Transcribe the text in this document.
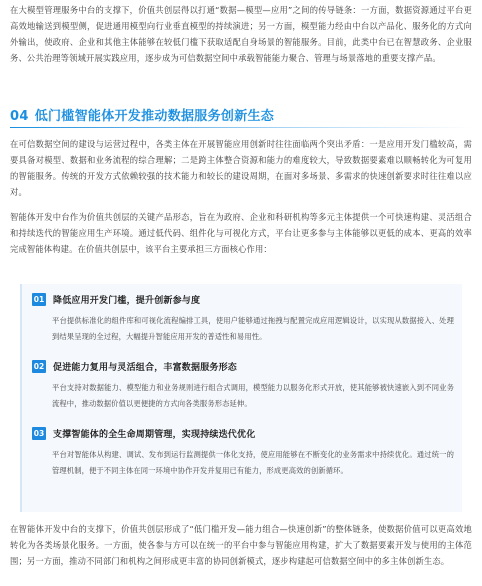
在大模型管理服务中台的支撑下，价值共创层得以打通“数据—模型—应用”之间的传导链条：一方面，数据资源通过平台更高效地输送到模型侧，促进通用模型向行业垂直模型的持续演进；另一方面，模型能力经由中台以产品化、服务化的方式向外输出，使政府、企业和其他主体能够在较低门槛下获取适配自身场景的智能服务。目前，此类中台已在智慧政务、企业服务、公共治理等领域开展实践应用，逐步成为可信数据空间中承载智能能力聚合、管理与场景落地的重要支撑产品。

04 低门槛智能体开发推动数据服务创新生态

在可信数据空间的建设与运营过程中，各类主体在开展智能应用创新时往往面临两个突出矛盾：一是应用开发门槛较高，需要具备对模型、数据和业务流程的综合理解；二是跨主体整合资源和能力的难度较大，导致数据要素难以顺畅转化为可复用的智能服务。传统的开发方式依赖较强的技术能力和较长的建设周期，在面对多场景、多需求的快速创新要求时往往难以应对。

智能体开发中台作为价值共创层的关键产品形态，旨在为政府、企业和科研机构等多元主体提供一个可快速构建、灵活组合和持续迭代的智能应用生产环境。通过低代码、组件化与可视化方式，平台让更多参与主体能够以更低的成本、更高的效率完成智能体构建。在价值共创层中，该平台主要承担三方面核心作用：

01 降低应用开发门槛，提升创新参与度

平台提供标准化的组件库和可视化流程编排工具，使用户能够通过拖拽与配置完成应用逻辑设计，以实现从数据接入、处理到结果呈现的全过程，大幅提升智能应用开发的普适性和易用性。

02 促进能力复用与灵活组合，丰富数据服务形态

平台支持对数据能力、模型能力和业务规则进行组合式调用，模型能力以服务化形式开放，使其能够被快速嵌入到不同业务流程中，推动数据价值以更便捷的方式向各类服务形态延伸。

03 支撑智能体的全生命周期管理，实现持续迭代优化

平台对智能体从构建、调试、发布到运行监测提供一体化支持，使应用能够在不断变化的业务需求中持续优化。通过统一的管理机制，便于不同主体在同一环境中协作开发并复用已有能力，形成更高效的创新循环。

在智能体开发中台的支撑下，价值共创层形成了“低门槛开发—能力组合—快速创新”的整体链条，使数据价值可以更高效地转化为各类场景化服务。一方面，使各参与方可以在统一的平台中参与智能应用构建，扩大了数据要素开发与使用的主体范围；另一方面，推动不同部门和机构之间形成更丰富的协同创新模式，逐步构建起可信数据空间中的多主体创新生态。
